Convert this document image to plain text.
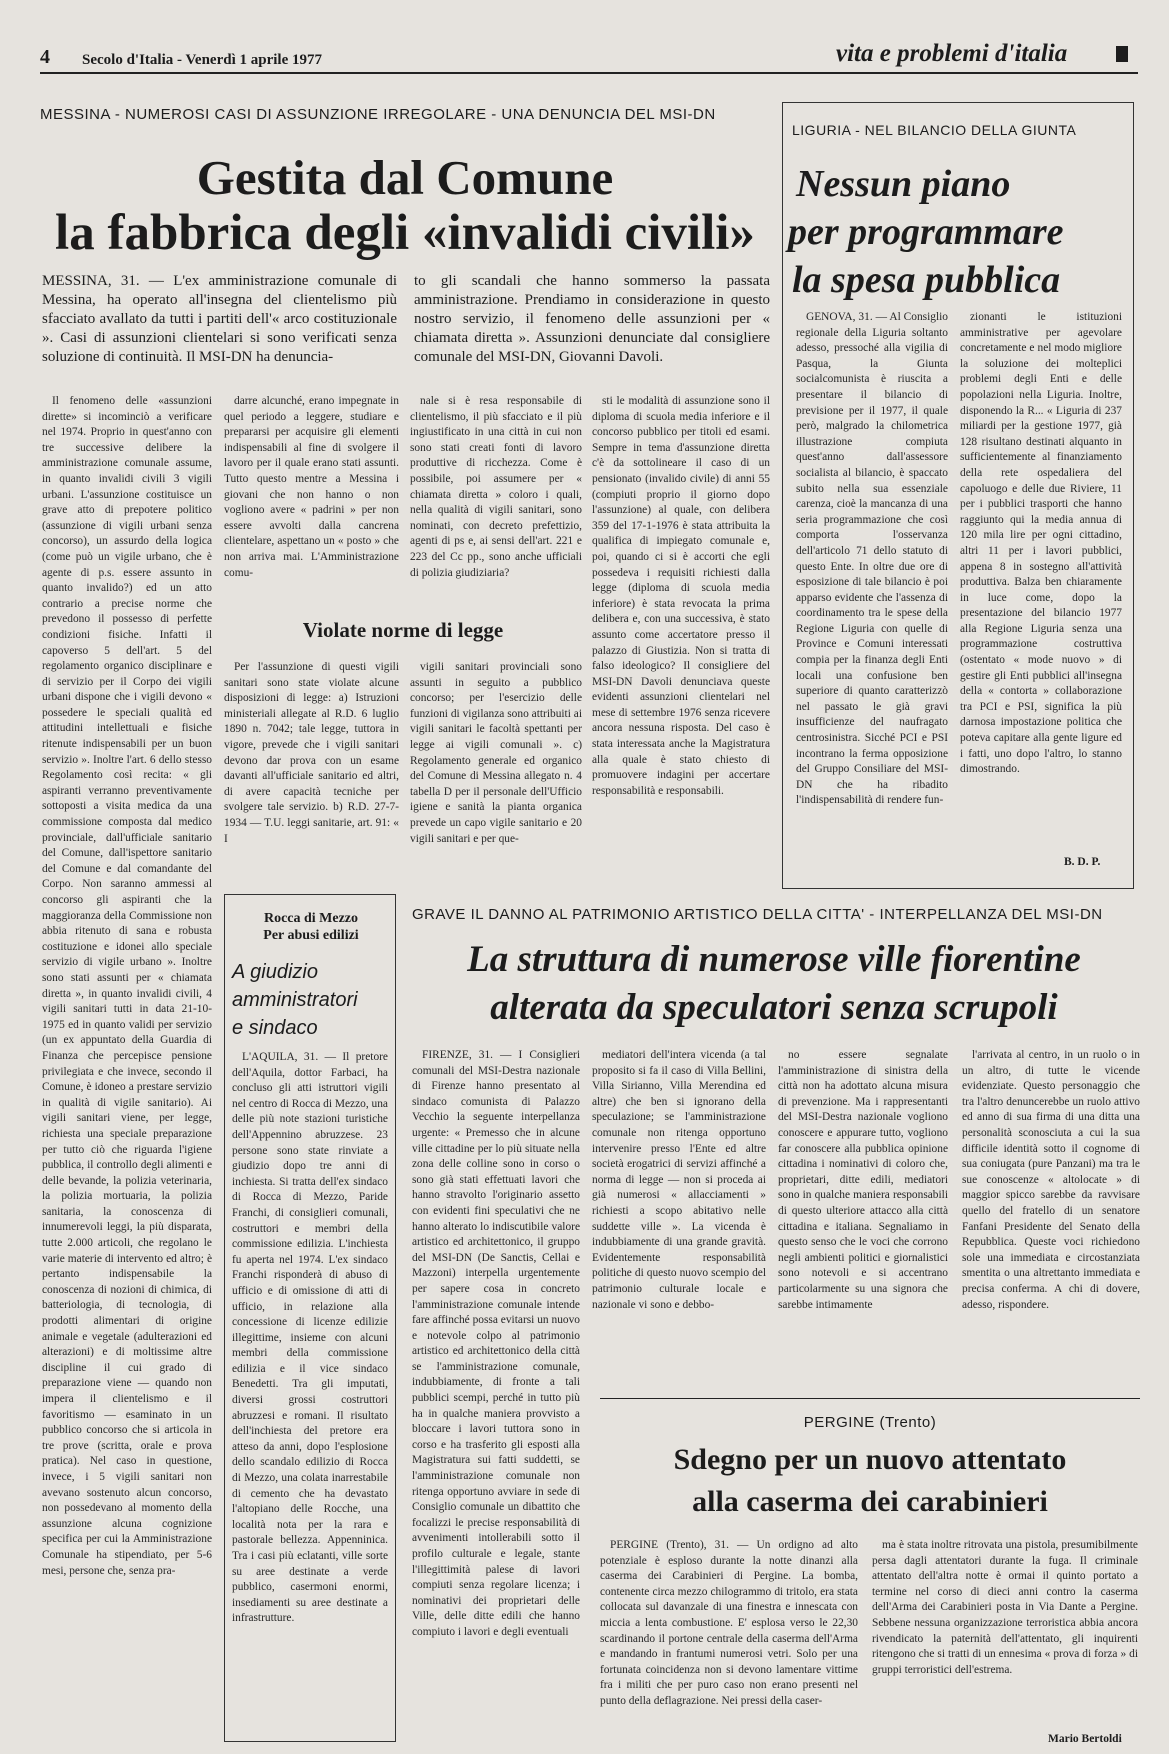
4 Secolo d'Italia - Venerdì 1 aprile 1977	vita e problemi d'italia
MESSINA - NUMEROSI CASI DI ASSUNZIONE IRREGOLARE - UNA DENUNCIA DEL MSI-DN
Gestita dal Comune
la fabbrica degli «invalidi civili»

MESSINA, 31. — L'ex amministrazione comunale di Messina, ha operato all'insegna del clientelismo più sfacciato avallato da tutti i partiti dell'« arco costituzionale ». Casi di assunzioni clientelari si sono verificati senza soluzione di continuità. Il MSI-DN ha denuncia-

to gli scandali che hanno sommerso la passata amministrazione. Prendiamo in considerazione in questo nostro servizio, il fenomeno delle assunzioni per « chiamata diretta ». Assunzioni denunciate dal consigliere comunale del MSI-DN, Giovanni Davoli.

Il fenomeno delle «assunzioni dirette» si incominciò a verificare nel 1974. Proprio in quest'anno con tre successive delibere la amministrazione comunale assume, in quanto invalidi civili 3 vigili urbani. L'assunzione costituisce un grave atto di prepotere politico (assunzione di vigili urbani senza concorso), un assurdo della logica (come può un vigile urbano, che è agente di p.s. essere assunto in quanto invalido?) ed un atto contrario a precise norme che prevedono il possesso di perfette condizioni fisiche. Infatti il capoverso 5 dell'art. 5 del regolamento organico disciplinare e di servizio per il Corpo dei vigili urbani dispone che i vigili devono « possedere le speciali qualità ed attitudini intellettuali e fisiche ritenute indispensabili per un buon servizio ». Inoltre l'art. 6 dello stesso Regolamento così recita: « gli aspiranti verranno preventivamente sottoposti a visita medica da una commissione composta dal medico provinciale, dall'ufficiale sanitario del Comune, dall'ispettore sanitario del Comune e dal comandante del Corpo. Non saranno ammessi al concorso gli aspiranti che la maggioranza della Commissione non abbia ritenuto di sana e robusta costituzione e idonei allo speciale servizio di vigile urbano ». Inoltre sono stati assunti per « chiamata diretta », in quanto invalidi civili, 4 vigili sanitari tutti in data 21-10-1975 ed in quanto validi per servizio (un ex appuntato della Guardia di Finanza che percepisce pensione privilegiata e che invece, secondo il Comune, è idoneo a prestare servizio in qualità di vigile sanitario). Ai vigili sanitari viene, per legge, richiesta una speciale preparazione per tutto ciò che riguarda l'igiene pubblica, il controllo degli alimenti e delle bevande, la polizia veterinaria, la polizia mortuaria, la polizia sanitaria, la conoscenza di innumerevoli leggi, la più disparata, tutte 2.000 articoli, che regolano le varie materie di intervento ed altro; è pertanto indispensabile la conoscenza di nozioni di chimica, di batteriologia, di tecnologia, di prodotti alimentari di origine animale e vegetale (adulterazioni ed alterazioni) e di moltissime altre discipline il cui grado di preparazione viene — quando non impera il clientelismo e il favoritismo — esaminato in un pubblico concorso che si articola in tre prove (scritta, orale e prova pratica). Nel caso in questione, invece, i 5 vigili sanitari non avevano sostenuto alcun concorso, non possedevano al momento della assunzione alcuna cognizione specifica per cui la Amministrazione Comunale ha stipendiato, per 5-6 mesi, persone che, senza pra-

darre alcunché, erano impegnate in quel periodo a leggere, studiare e prepararsi per acquisire gli elementi indispensabili al fine di svolgere il lavoro per il quale erano stati assunti. Tutto questo mentre a Messina i giovani che non hanno o non vogliono avere « padrini » per non essere avvolti dalla cancrena clientelare, aspettano un « posto » che non arriva mai. L'Amministrazione comu-

nale si è resa responsabile di clientelismo, il più sfacciato e il più ingiustificato in una città in cui non sono stati creati fonti di lavoro produttive di ricchezza. Come è possibile, poi assumere per « chiamata diretta » coloro i quali, nella qualità di vigili sanitari, sono nominati, con decreto prefettizio, agenti di ps e, ai sensi dell'art. 221 e 223 del Cc pp., sono anche ufficiali di polizia giudiziaria?

sti le modalità di assunzione sono il diploma di scuola media inferiore e il concorso pubblico per titoli ed esami. Sempre in tema d'assunzione diretta c'è da sottolineare il caso di un pensionato (invalido civile) di anni 55 (compiuti proprio il giorno dopo l'assunzione) al quale, con delibera 359 del 17-1-1976 è stata attribuita la qualifica di impiegato comunale e, poi, quando ci si è accorti che egli possedeva i requisiti richiesti dalla legge (diploma di scuola media inferiore) è stata revocata la prima delibera e, con una successiva, è stato assunto come accertatore presso il palazzo di Giustizia. Non si tratta di falso ideologico? Il consigliere del MSI-DN Davoli denunciava queste evidenti assunzioni clientelari nel mese di settembre 1976 senza ricevere ancora nessuna risposta. Del caso è stata interessata anche la Magistratura alla quale è stato chiesto di promuovere indagini per accertare responsabilità e responsabili.

Violate norme di legge

Per l'assunzione di questi vigili sanitari sono state violate alcune disposizioni di legge: a) Istruzioni ministeriali allegate al R.D. 6 luglio 1890 n. 7042; tale legge, tuttora in vigore, prevede che i vigili sanitari devono dar prova con un esame davanti all'ufficiale sanitario ed altri, di avere capacità tecniche per svolgere tale servizio. b) R.D. 27-7-1934 — T.U. leggi sanitarie, art. 91: « I

vigili sanitari provinciali sono assunti in seguito a pubblico concorso; per l'esercizio delle funzioni di vigilanza sono attribuiti ai vigili sanitari le facoltà spettanti per legge ai vigili comunali ». c) Regolamento generale ed organico del Comune di Messina allegato n. 4 tabella D per il personale dell'Ufficio igiene e sanità la pianta organica prevede un capo vigile sanitario e 20 vigili sanitari e per que-

LIGURIA - NEL BILANCIO DELLA GIUNTA
Nessun piano
per programmare
la spesa pubblica

GENOVA, 31. — Al Consiglio regionale della Liguria soltanto adesso, pressoché alla vigilia di Pasqua, la Giunta socialcomunista è riuscita a presentare il bilancio di previsione per il 1977, il quale però, malgrado la chilometrica illustrazione compiuta quest'anno dall'assessore socialista al bilancio, è spaccato subito nella sua essenziale carenza, cioè la mancanza di una seria programmazione che così comporta l'osservanza dell'articolo 71 dello statuto di questo Ente. In oltre due ore di esposizione di tale bilancio è poi apparso evidente che l'assenza di coordinamento tra le spese della Regione Liguria con quelle di Province e Comuni interessati compia per la finanza degli Enti locali una confusione ben superiore di quanto caratterizzò nel passato le già gravi insufficienze del naufragato centrosinistra. Sicché PCI e PSI incontrano la ferma opposizione del Gruppo Consiliare del MSI-DN che ha ribadito l'indispensabilità di rendere fun-

zionanti le istituzioni amministrative per agevolare concretamente e nel modo migliore la soluzione dei molteplici problemi degli Enti e delle popolazioni nella Liguria. Inoltre, disponendo la R... « Liguria di 237 miliardi per la gestione 1977, già 128 risultano destinati alquanto in sufficientemente al finanziamento della rete ospedaliera del capoluogo e delle due Riviere, 11 per i pubblici trasporti che hanno raggiunto qui la media annua di 120 mila lire per ogni cittadino, altri 11 per i lavori pubblici, appena 8 in sostegno all'attività produttiva. Balza ben chiaramente in luce come, dopo la presentazione del bilancio 1977 alla Regione Liguria senza una programmazione costruttiva (ostentato « mode nuovo » di gestire gli Enti pubblici all'insegna della « contorta » collaborazione tra PCI e PSI, significa la più darnosa impostazione politica che poteva capitare alla gente ligure ed i fatti, uno dopo l'altro, lo stanno dimostrando.

B. D. P.
Rocca di Mezzo
Per abusi edilizi
A giudizio
amministratori
e sindaco

L'AQUILA, 31. — Il pretore dell'Aquila, dottor Farbaci, ha concluso gli atti istruttori vigili nel centro di Rocca di Mezzo, una delle più note stazioni turistiche dell'Appennino abruzzese. 23 persone sono state rinviate a giudizio dopo tre anni di inchiesta. Si tratta dell'ex sindaco di Rocca di Mezzo, Paride Franchi, di consiglieri comunali, costruttori e membri della commissione edilizia. L'inchiesta fu aperta nel 1974. L'ex sindaco Franchi risponderà di abuso di ufficio e di omissione di atti di ufficio, in relazione alla concessione di licenze edilizie illegittime, insieme con alcuni membri della commissione edilizia e il vice sindaco Benedetti. Tra gli imputati, diversi grossi costruttori abruzzesi e romani. Il risultato dell'inchiesta del pretore era atteso da anni, dopo l'esplosione dello scandalo edilizio di Rocca di Mezzo, una colata inarrestabile di cemento che ha devastato l'altopiano delle Rocche, una località nota per la rara e pastorale bellezza. Appenninica. Tra i casi più eclatanti, ville sorte su aree destinate a verde pubblico, casermoni enormi, insediamenti su aree destinate a infrastrutture.

GRAVE IL DANNO AL PATRIMONIO ARTISTICO DELLA CITTA' - INTERPELLANZA DEL MSI-DN
La struttura di numerose ville fiorentine
alterata da speculatori senza scrupoli

FIRENZE, 31. — I Consiglieri comunali del MSI-Destra nazionale di Firenze hanno presentato al sindaco comunista di Palazzo Vecchio la seguente interpellanza urgente: « Premesso che in alcune ville cittadine per lo più situate nella zona delle colline sono in corso o sono già stati effettuati lavori che hanno stravolto l'originario assetto con evidenti fini speculativi che ne hanno alterato lo indiscutibile valore artistico ed architettonico, il gruppo del MSI-DN (De Sanctis, Cellai e Mazzoni) interpella urgentemente per sapere cosa in concreto l'amministrazione comunale intende fare affinché possa evitarsi un nuovo e notevole colpo al patrimonio artistico ed architettonico della città se l'amministrazione comunale, indubbiamente, di fronte a tali pubblici scempi, perché in tutto più ha in qualche maniera provvisto a bloccare i lavori tuttora sono in corso e ha trasferito gli esposti alla Magistratura sui fatti suddetti, se l'amministrazione comunale non ritenga opportuno avviare in sede di Consiglio comunale un dibattito che focalizzi le precise responsabilità di avvenimenti intollerabili sotto il profilo culturale e legale, stante l'illegittimità palese di lavori compiuti senza regolare licenza; i nominativi dei proprietari delle Ville, delle ditte edili che hanno compiuto i lavori e degli eventuali

mediatori dell'intera vicenda (a tal proposito si fa il caso di Villa Bellini, Villa Sirianno, Villa Merendina ed altre) che ben si ignorano della speculazione; se l'amministrazione comunale non ritenga opportuno intervenire presso l'Ente ed altre società erogatrici di servizi affinché a norma di legge — non si proceda ai già numerosi « allacciamenti » richiesti a scopo abitativo nelle suddette ville ». La vicenda è indubbiamente di una grande gravità. Evidentemente responsabilità politiche di questo nuovo scempio del patrimonio culturale locale e nazionale vi sono e debbo-

no essere segnalate l'amministrazione di sinistra della città non ha adottato alcuna misura di prevenzione. Ma i rappresentanti del MSI-Destra nazionale vogliono conoscere e appurare tutto, vogliono far conoscere alla pubblica opinione cittadina i nominativi di coloro che, proprietari, ditte edili, mediatori sono in qualche maniera responsabili di questo ulteriore attacco alla città cittadina e italiana. Segnaliamo in questo senso che le voci che corrono negli ambienti politici e giornalistici sono notevoli e si accentrano particolarmente su una signora che sarebbe intimamente

l'arrivata al centro, in un ruolo o in un altro, di tutte le vicende evidenziate. Questo personaggio che tra l'altro denuncerebbe un ruolo attivo ed anno di sua firma di una ditta una personalità sconosciuta a cui la sua difficile identità sotto il cognome di sua coniugata (pure Panzani) ma tra le sue conoscenze « altolocate » di maggior spicco sarebbe da ravvisare quello del fratello di un senatore Fanfani Presidente del Senato della Repubblica. Queste voci richiedono sole una immediata e circostanziata smentita o una altrettanto immediata e precisa conferma. A chi di dovere, adesso, rispondere.

PERGINE (Trento)
Sdegno per un nuovo attentato
alla caserma dei carabinieri

PERGINE (Trento), 31. — Un ordigno ad alto potenziale è esploso durante la notte dinanzi alla caserma dei Carabinieri di Pergine. La bomba, contenente circa mezzo chilogrammo di tritolo, era stata collocata sul davanzale di una finestra e innescata con miccia a lenta combustione. E' esplosa verso le 22,30 scardinando il portone centrale della caserma dell'Arma e mandando in frantumi numerosi vetri. Solo per una fortunata coincidenza non si devono lamentare vittime fra i militi che per puro caso non erano presenti nel punto della deflagrazione. Nei pressi della caser-

ma è stata inoltre ritrovata una pistola, presumibilmente persa dagli attentatori durante la fuga. Il criminale attentato dell'altra notte è ormai il quinto portato a termine nel corso di dieci anni contro la caserma dell'Arma dei Carabinieri posta in Via Dante a Pergine. Sebbene nessuna organizzazione terroristica abbia ancora rivendicato la paternità dell'attentato, gli inquirenti ritengono che si tratti di un ennesima « prova di forza » di gruppi terroristici dell'estrema.

Mario Bertoldi
